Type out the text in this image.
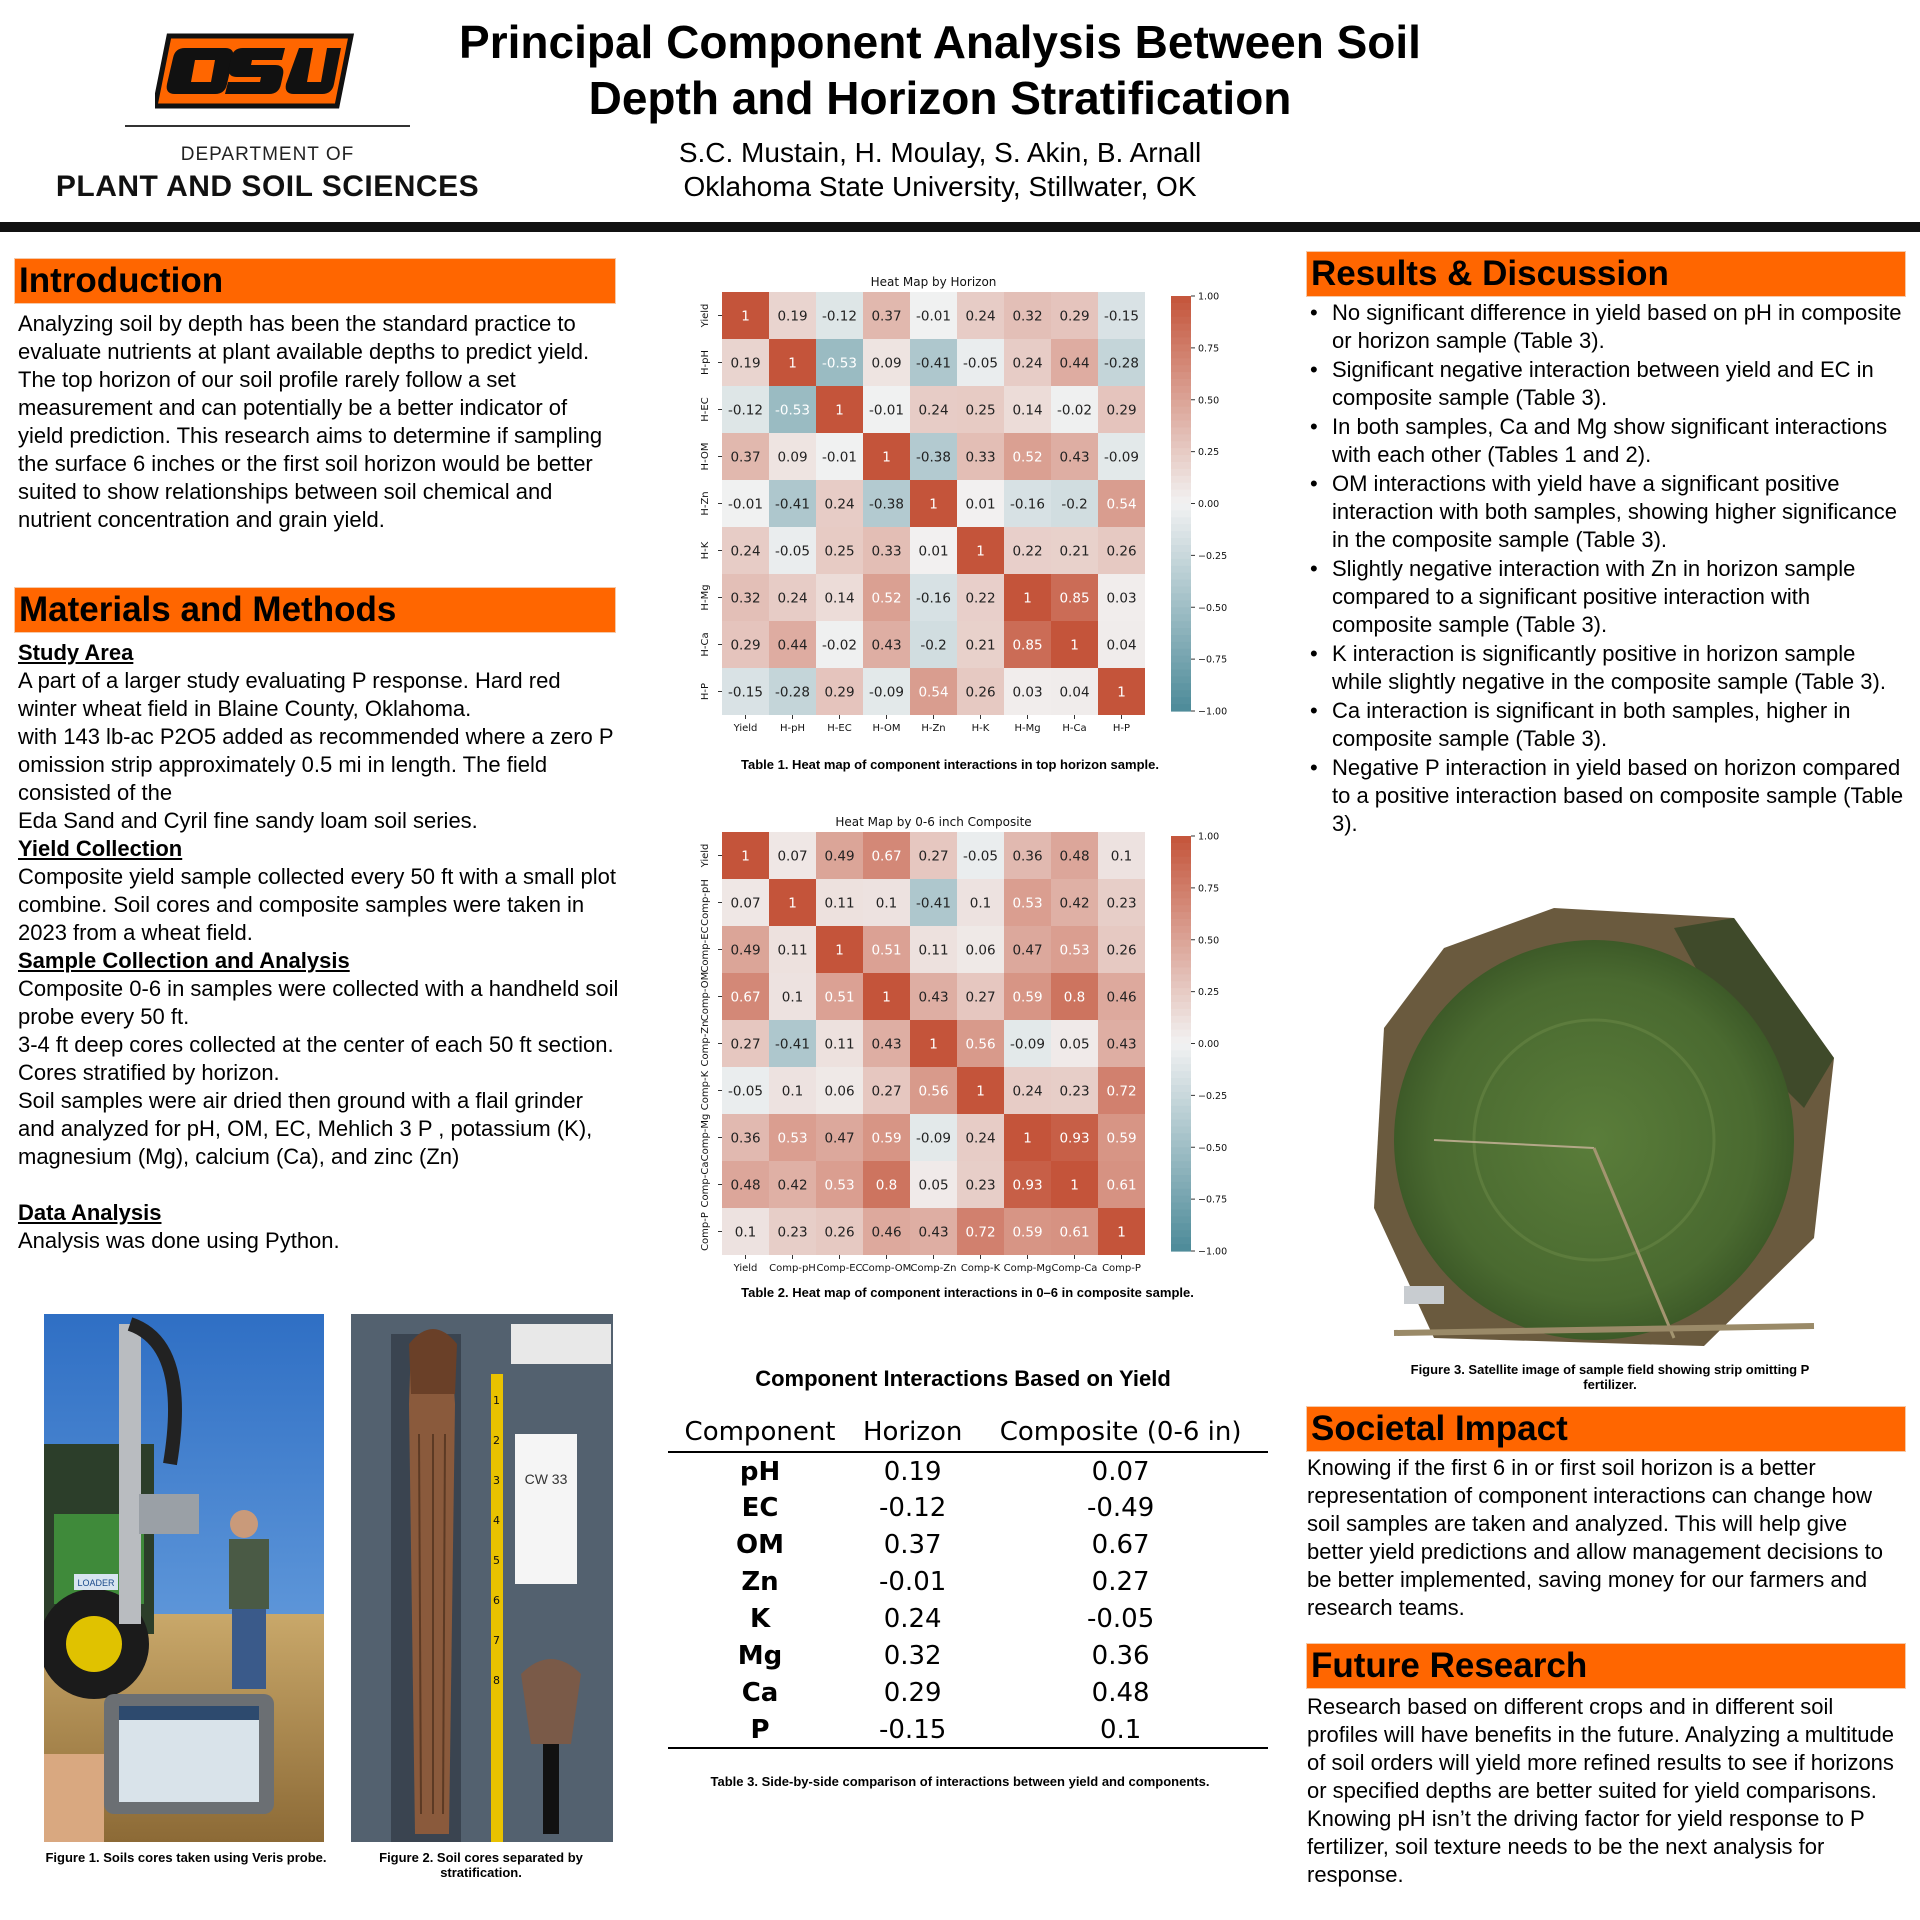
DEPARTMENT OF
PLANT AND SOIL SCIENCES
Principal Component Analysis Between Soil Depth and Horizon Stratification
S.C. Mustain, H. Moulay, S. Akin, B. Arnall
Oklahoma State University, Stillwater, OK
Introduction
Analyzing soil by depth has been the standard practice to evaluate nutrients at plant available depths to predict yield. The top horizon of our soil profile rarely follow a set measurement and can potentially be a better indicator of yield prediction. This research aims to determine if sampling the surface 6 inches or the first soil horizon would be better suited to show relationships between soil chemical and nutrient concentration and grain yield.
Materials and Methods
Study Area
A part of a larger study evaluating P response. Hard red winter wheat field in Blaine County, Oklahoma.
with 143 lb-ac P2O5 added as recommended where a zero P omission strip approximately 0.5 mi in length. The field consisted of the
Eda Sand and Cyril fine sandy loam soil series.
Yield Collection
Composite yield sample collected every 50 ft with a small plot combine. Soil cores and composite samples were taken in 2023 from a wheat field.
Sample Collection and Analysis
Composite 0-6 in samples were collected with a handheld soil probe every 50 ft.
3-4 ft deep cores collected at the center of each 50 ft section. Cores stratified by horizon.
Soil samples were air dried then ground with a flail grinder and analyzed for pH, OM, EC, Mehlich 3 P , potassium (K), magnesium (Mg), calcium (Ca), and zinc (Zn)
Data Analysis
Analysis was done using Python.
LOADER
Figure 1. Soils cores taken using Veris probe.
1
2
3
4
5
6
7
8
CW 33
Figure 2. Soil cores separated by stratification.
Heat Map by Horizon
1 0.19 -0.12 0.37 -0.01 0.24 0.32 0.29 -0.15
0.19 1 -0.53 0.09 -0.41 -0.05 0.24 0.44 -0.28
-0.12 -0.53 1 -0.01 0.24 0.25 0.14 -0.02 0.29
0.37 0.09 -0.01 1 -0.38 0.33 0.52 0.43 -0.09
-0.01 -0.41 0.24 -0.38 1 0.01 -0.16 -0.2 0.54
0.24 -0.05 0.25 0.33 0.01 1 0.22 0.21 0.26
0.32 0.24 0.14 0.52 -0.16 0.22 1 0.85 0.03
0.29 0.44 -0.02 0.43 -0.2 0.21 0.85 1 0.04
-0.15 -0.28 0.29 -0.09 0.54 0.26 0.03 0.04 1
Yield
H-pH
H-EC
H-OM
H-Zn
H-K
H-Mg
H-Ca
H-P
Yield H-pH H-EC H-OM H-Zn	H-K	H-Mg H-Ca	H-P
1.00
0.75
0.50
0.25
0.00
−0.25
−0.50
−0.75
−1.00
Table 1. Heat map of component interactions in top horizon sample.
Heat Map by 0-6 inch Composite
1 0.07 0.49 0.67 0.27 -0.05 0.36 0.48 0.1
0.07 1 0.11 0.1 -0.41 0.1 0.53 0.42 0.23
0.49 0.11 1 0.51 0.11 0.06 0.47 0.53 0.26
0.67 0.1 0.51 1 0.43 0.27 0.59 0.8 0.46
0.27 -0.41 0.11 0.43 1 0.56 -0.09 0.05 0.43
-0.05 0.1 0.06 0.27 0.56 1 0.24 0.23 0.72
0.36 0.53 0.47 0.59 -0.09 0.24 1 0.93 0.59
0.48 0.42 0.53 0.8 0.05 0.23 0.93 1 0.61
0.1 0.23 0.26 0.46 0.43 0.72 0.59 0.61 1
Yield
Comp-pH
Comp-EC
Comp-OM
Comp-Zn
Comp-K
Comp-Mg
Comp-Ca
Comp-P
Yield Comp-pH Comp-EC Comp-OM Comp-Zn Comp-K Comp-Mg Comp-Ca Comp-P
1.00
0.75
0.50
0.25
0.00
−0.25
−0.50
−0.75
−1.00
Table 2. Heat map of component interactions in 0–6 in composite sample.
Component Interactions Based on Yield
Component	Horizon	Composite (0-6 in)
pH	0.19	0.07
EC	-0.12	-0.49
OM	0.37	0.67
Zn	-0.01	0.27
K	0.24	-0.05
Mg	0.32	0.36
Ca	0.29	0.48
P	-0.15	0.1
Table 3. Side-by-side comparison of interactions between yield and components.
Results & Discussion
• No significant difference in yield based on pH in composite or horizon sample (Table 3).
• Significant negative interaction between yield and EC in composite sample (Table 3).
• In both samples, Ca and Mg show significant interactions with each other (Tables 1 and 2).
• OM interactions with yield have a significant positive interaction with both samples, showing higher significance in the composite sample (Table 3).
• Slightly negative interaction with Zn in horizon sample compared to a significant positive interaction with composite sample (Table 3).
• K interaction is significantly positive in horizon sample while slightly negative in the composite sample (Table 3).
• Ca interaction is significant in both samples, higher in composite sample (Table 3).
• Negative P interaction in yield based on horizon compared to a positive interaction based on composite sample (Table 3).
Figure 3. Satellite image of sample field showing strip omitting P fertilizer.
Societal Impact
Knowing if the first 6 in or first soil horizon is a better representation of component interactions can change how soil samples are taken and analyzed. This will help give better yield predictions and allow management decisions to be better implemented, saving money for our farmers and research teams.
Future Research
Research based on different crops and in different soil profiles will have benefits in the future. Analyzing a multitude of soil orders will yield more refined results to see if horizons or specified depths are better suited for yield comparisons. Knowing pH isn’t the driving factor for yield response to P fertilizer, soil texture needs to be the next analysis for response.
